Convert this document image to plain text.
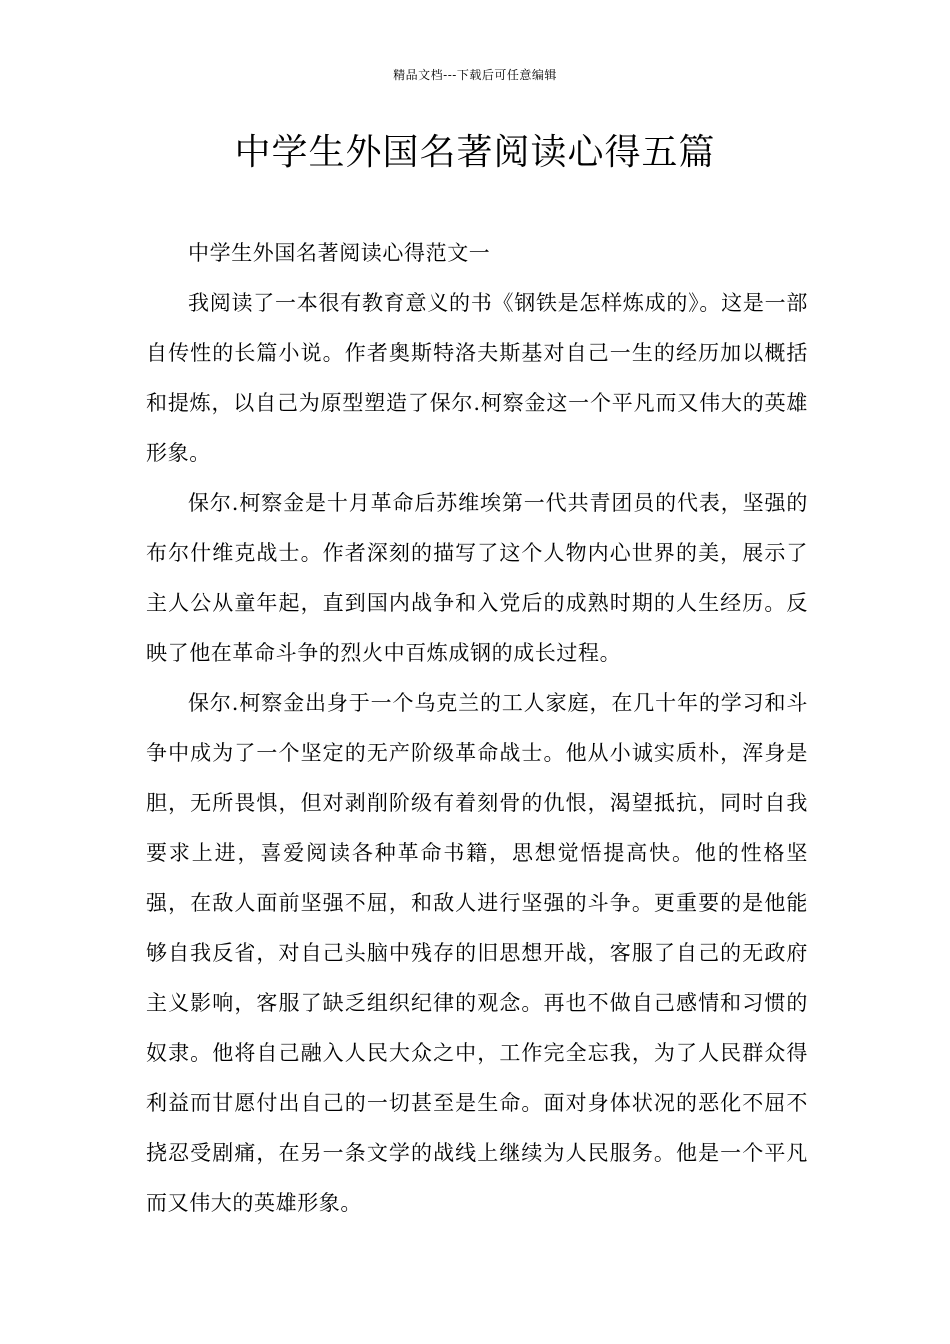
精品文档---下载后可任意编辑
中学生外国名著阅读心得五篇

中学生外国名著阅读心得范文一

我阅读了一本很有教育意义的书《钢铁是怎样炼成的》。这是一部自传性的长篇小说。作者奥斯特洛夫斯基对自己一生的经历加以概括和提炼，以自己为原型塑造了保尔.柯察金这一个平凡而又伟大的英雄形象。

保尔.柯察金是十月革命后苏维埃第一代共青团员的代表，坚强的布尔什维克战士。作者深刻的描写了这个人物内心世界的美，展示了主人公从童年起，直到国内战争和入党后的成熟时期的人生经历。反映了他在革命斗争的烈火中百炼成钢的成长过程。

保尔.柯察金出身于一个乌克兰的工人家庭，在几十年的学习和斗争中成为了一个坚定的无产阶级革命战士。他从小诚实质朴，浑身是胆，无所畏惧，但对剥削阶级有着刻骨的仇恨，渴望抵抗，同时自我要求上进，喜爱阅读各种革命书籍，思想觉悟提高快。他的性格坚强，在敌人面前坚强不屈，和敌人进行坚强的斗争。更重要的是他能够自我反省，对自己头脑中残存的旧思想开战，客服了自己的无政府主义影响，客服了缺乏组织纪律的观念。再也不做自己感情和习惯的奴隶。他将自己融入人民大众之中，工作完全忘我，为了人民群众得利益而甘愿付出自己的一切甚至是生命。面对身体状况的恶化不屈不挠忍受剧痛，在另一条文学的战线上继续为人民服务。他是一个平凡而又伟大的英雄形象。
